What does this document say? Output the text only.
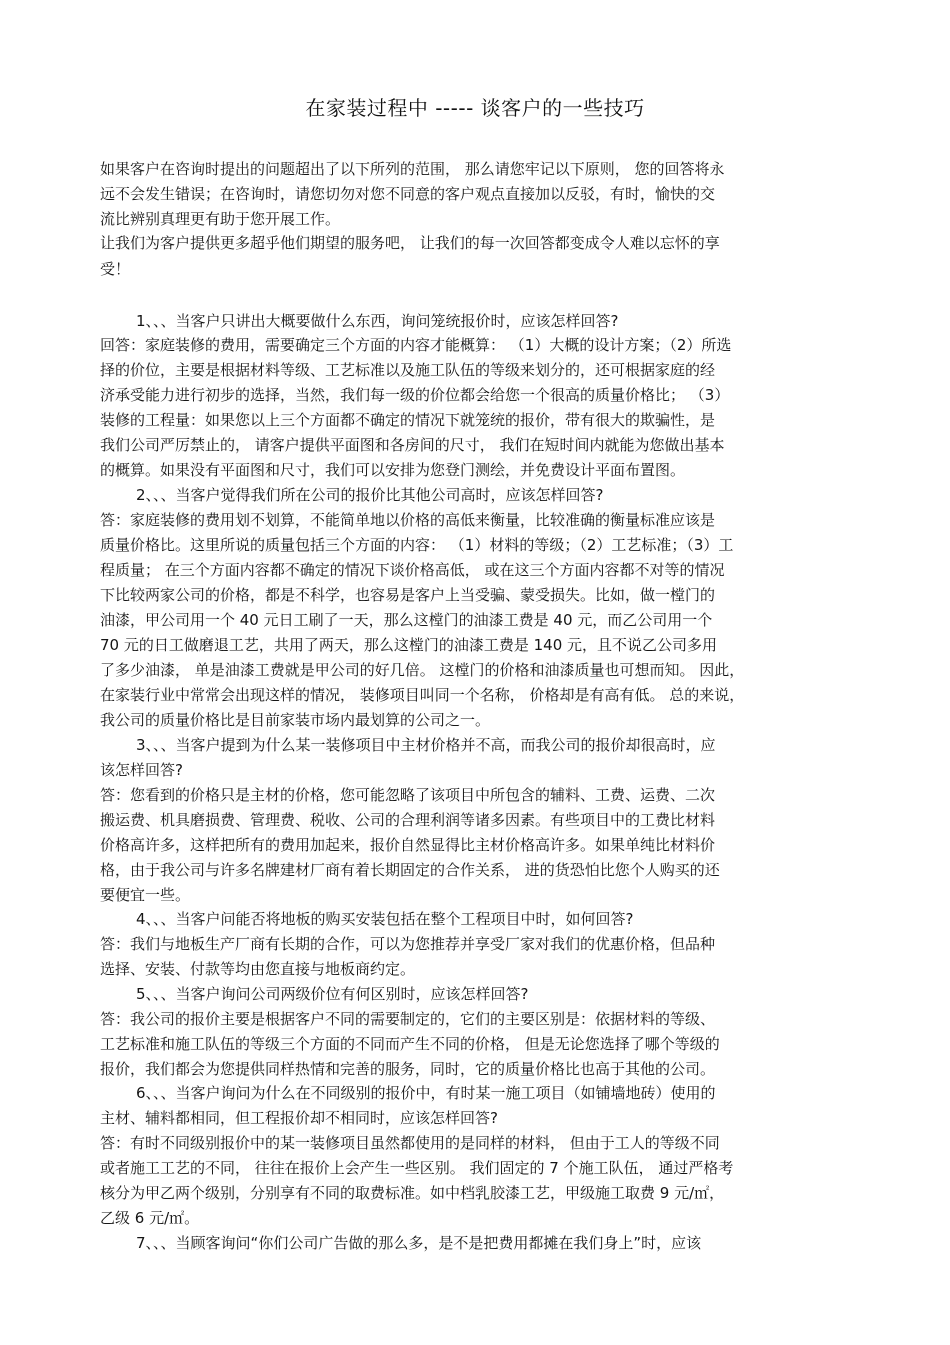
在家装过程中 ----- 谈客户的一些技巧
如果客户在咨询时提出的问题超出了以下所列的范围， 那么请您牢记以下原则， 您的回答将永
远不会发生错误；在咨询时，请您切勿对您不同意的客户观点直接加以反驳，有时，愉快的交
流比辨别真理更有助于您开展工作。
让我们为客户提供更多超乎他们期望的服务吧， 让我们的每一次回答都变成令人难以忘怀的享
受！
1、、、当客户只讲出大概要做什么东西，询问笼统报价时，应该怎样回答?
回答：家庭装修的费用，需要确定三个方面的内容才能概算： （1）大概的设计方案；（2）所选
择的价位，主要是根据材料等级、工艺标准以及施工队伍的等级来划分的，还可根据家庭的经
济承受能力进行初步的选择，当然，我们每一级的价位都会给您一个很高的质量价格比； （3）
装修的工程量：如果您以上三个方面都不确定的情况下就笼统的报价，带有很大的欺骗性，是
我们公司严厉禁止的， 请客户提供平面图和各房间的尺寸， 我们在短时间内就能为您做出基本
的概算。如果没有平面图和尺寸，我们可以安排为您登门测绘，并免费设计平面布置图。
2、、、当客户觉得我们所在公司的报价比其他公司高时，应该怎样回答?
答：家庭装修的费用划不划算，不能简单地以价格的高低来衡量，比较准确的衡量标准应该是
质量价格比。这里所说的质量包括三个方面的内容： （1）材料的等级；（2）工艺标准；（3）工
程质量； 在三个方面内容都不确定的情况下谈价格高低， 或在这三个方面内容都不对等的情况
下比较两家公司的价格，都是不科学，也容易是客户上当受骗、蒙受损失。比如，做一樘门的
油漆，甲公司用一个 40 元日工刷了一天，那么这樘门的油漆工费是 40 元，而乙公司用一个
70 元的日工做磨退工艺，共用了两天，那么这樘门的油漆工费是 140 元，且不说乙公司多用
了多少油漆， 单是油漆工费就是甲公司的好几倍。 这樘门的价格和油漆质量也可想而知。 因此，
在家装行业中常常会出现这样的情况， 装修项目叫同一个名称， 价格却是有高有低。 总的来说，
我公司的质量价格比是目前家装市场内最划算的公司之一。
3、、、当客户提到为什么某一装修项目中主材价格并不高，而我公司的报价却很高时，应
该怎样回答?
答：您看到的价格只是主材的价格，您可能忽略了该项目中所包含的辅料、工费、运费、二次
搬运费、机具磨损费、管理费、税收、公司的合理利润等诸多因素。有些项目中的工费比材料
价格高许多，这样把所有的费用加起来，报价自然显得比主材价格高许多。如果单纯比材料价
格，由于我公司与许多名牌建材厂商有着长期固定的合作关系， 进的货恐怕比您个人购买的还
要便宜一些。
4、、、当客户问能否将地板的购买安装包括在整个工程项目中时，如何回答?
答：我们与地板生产厂商有长期的合作，可以为您推荐并享受厂家对我们的优惠价格，但品种
选择、安装、付款等均由您直接与地板商约定。
5、、、当客户询问公司两级价位有何区别时，应该怎样回答?
答：我公司的报价主要是根据客户不同的需要制定的，它们的主要区别是：依据材料的等级、
工艺标准和施工队伍的等级三个方面的不同而产生不同的价格， 但是无论您选择了哪个等级的
报价，我们都会为您提供同样热情和完善的服务，同时，它的质量价格比也高于其他的公司。
6、、、当客户询问为什么在不同级别的报价中，有时某一施工项目（如铺墙地砖）使用的
主材、辅料都相同，但工程报价却不相同时，应该怎样回答?
答：有时不同级别报价中的某一装修项目虽然都使用的是同样的材料， 但由于工人的等级不同
或者施工工艺的不同， 往往在报价上会产生一些区别。 我们固定的 7 个施工队伍， 通过严格考
核分为甲乙两个级别，分别享有不同的取费标准。如中档乳胶漆工艺，甲级施工取费 9 元/㎡，
乙级 6 元/㎡。
7、、、当顾客询问“你们公司广告做的那么多，是不是把费用都摊在我们身上”时，应该
